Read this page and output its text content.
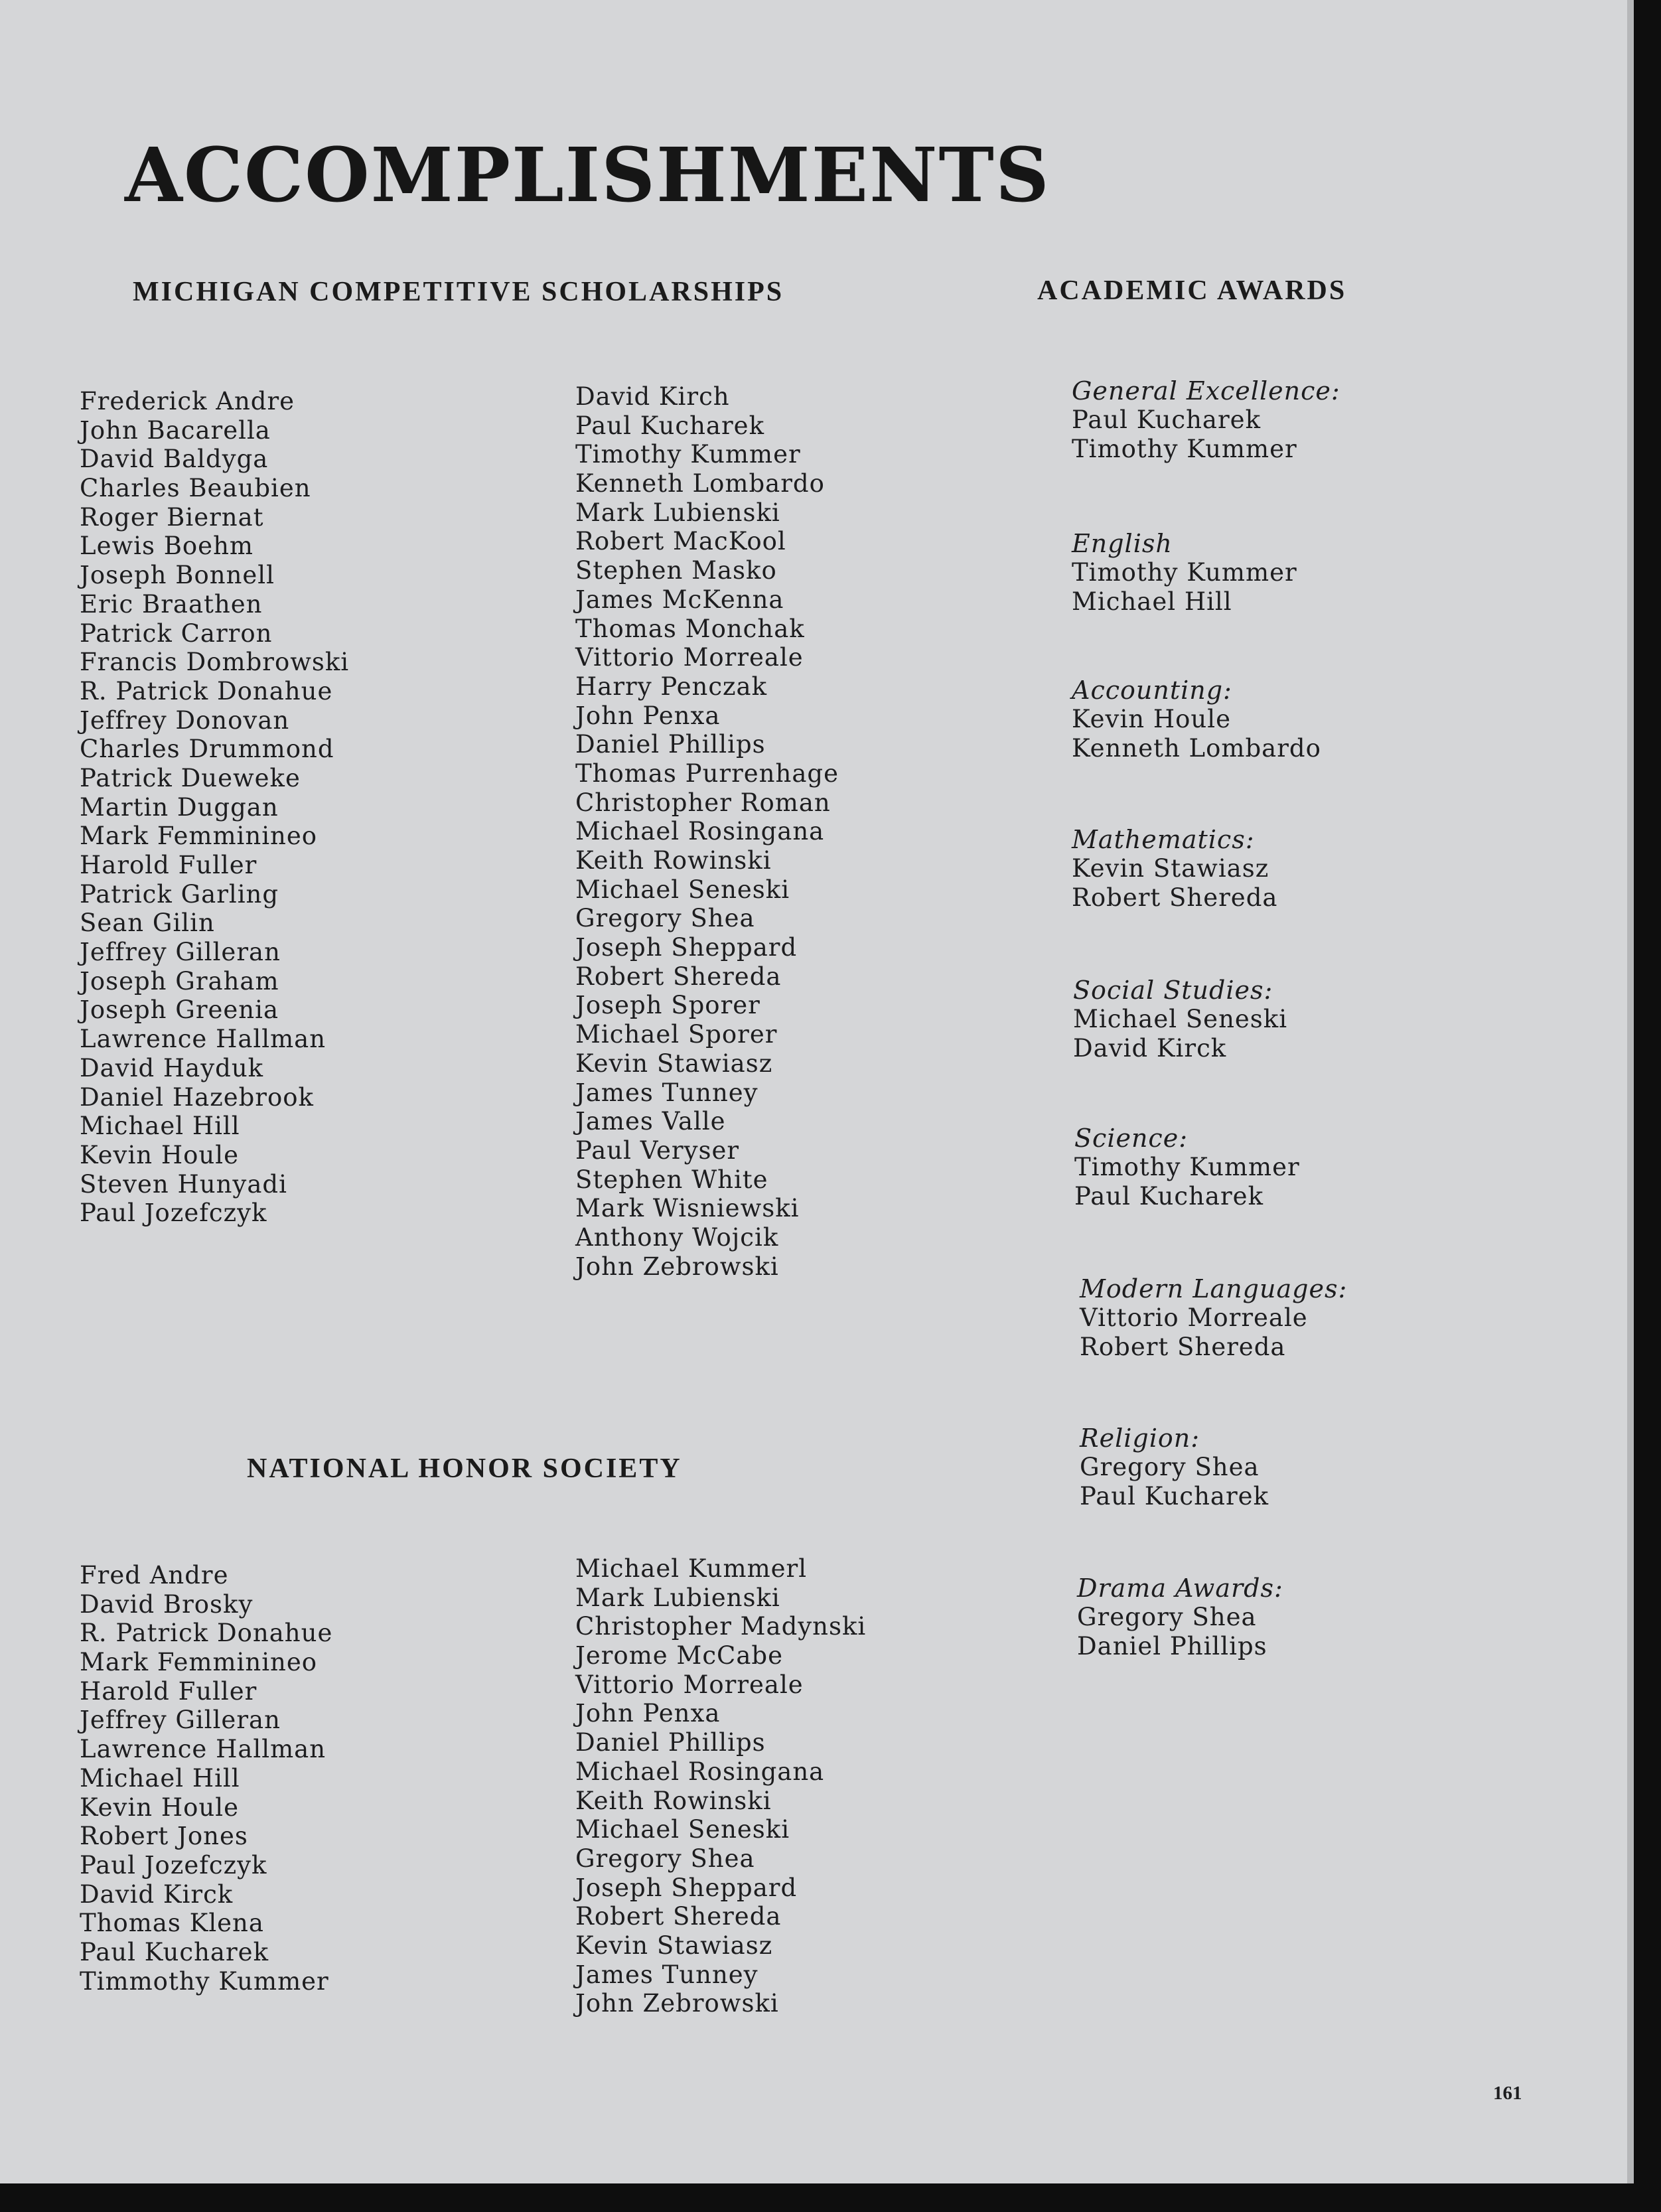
ACCOMPLISHMENTS
MICHIGAN COMPETITIVE SCHOLARSHIPS
Frederick Andre
John Bacarella
David Baldyga
Charles Beaubien
Roger Biernat
Lewis Boehm
Joseph Bonnell
Eric Braathen
Patrick Carron
Francis Dombrowski
R. Patrick Donahue
Jeffrey Donovan
Charles Drummond
Patrick Dueweke
Martin Duggan
Mark Femminineo
Harold Fuller
Patrick Garling
Sean Gilin
Jeffrey Gilleran
Joseph Graham
Joseph Greenia
Lawrence Hallman
David Hayduk
Daniel Hazebrook
Michael Hill
Kevin Houle
Steven Hunyadi
Paul Jozefczyk
David Kirch
Paul Kucharek
Timothy Kummer
Kenneth Lombardo
Mark Lubienski
Robert MacKool
Stephen Masko
James McKenna
Thomas Monchak
Vittorio Morreale
Harry Penczak
John Penxa
Daniel Phillips
Thomas Purrenhage
Christopher Roman
Michael Rosingana
Keith Rowinski
Michael Seneski
Gregory Shea
Joseph Sheppard
Robert Shereda
Joseph Sporer
Michael Sporer
Kevin Stawiasz
James Tunney
James Valle
Paul Veryser
Stephen White
Mark Wisniewski
Anthony Wojcik
John Zebrowski
NATIONAL HONOR SOCIETY
Fred Andre
David Brosky
R. Patrick Donahue
Mark Femminineo
Harold Fuller
Jeffrey Gilleran
Lawrence Hallman
Michael Hill
Kevin Houle
Robert Jones
Paul Jozefczyk
David Kirck
Thomas Klena
Paul Kucharek
Timmothy Kummer
Michael Kummerl
Mark Lubienski
Christopher Madynski
Jerome McCabe
Vittorio Morreale
John Penxa
Daniel Phillips
Michael Rosingana
Keith Rowinski
Michael Seneski
Gregory Shea
Joseph Sheppard
Robert Shereda
Kevin Stawiasz
James Tunney
John Zebrowski
ACADEMIC AWARDS
General Excellence:
Paul Kucharek
Timothy Kummer
English
Timothy Kummer
Michael Hill
Accounting:
Kevin Houle
Kenneth Lombardo
Mathematics:
Kevin Stawiasz
Robert Shereda
Social Studies:
Michael Seneski
David Kirck
Science:
Timothy Kummer
Paul Kucharek
Modern Languages:
Vittorio Morreale
Robert Shereda
Religion:
Gregory Shea
Paul Kucharek
Drama Awards:
Gregory Shea
Daniel Phillips
161
